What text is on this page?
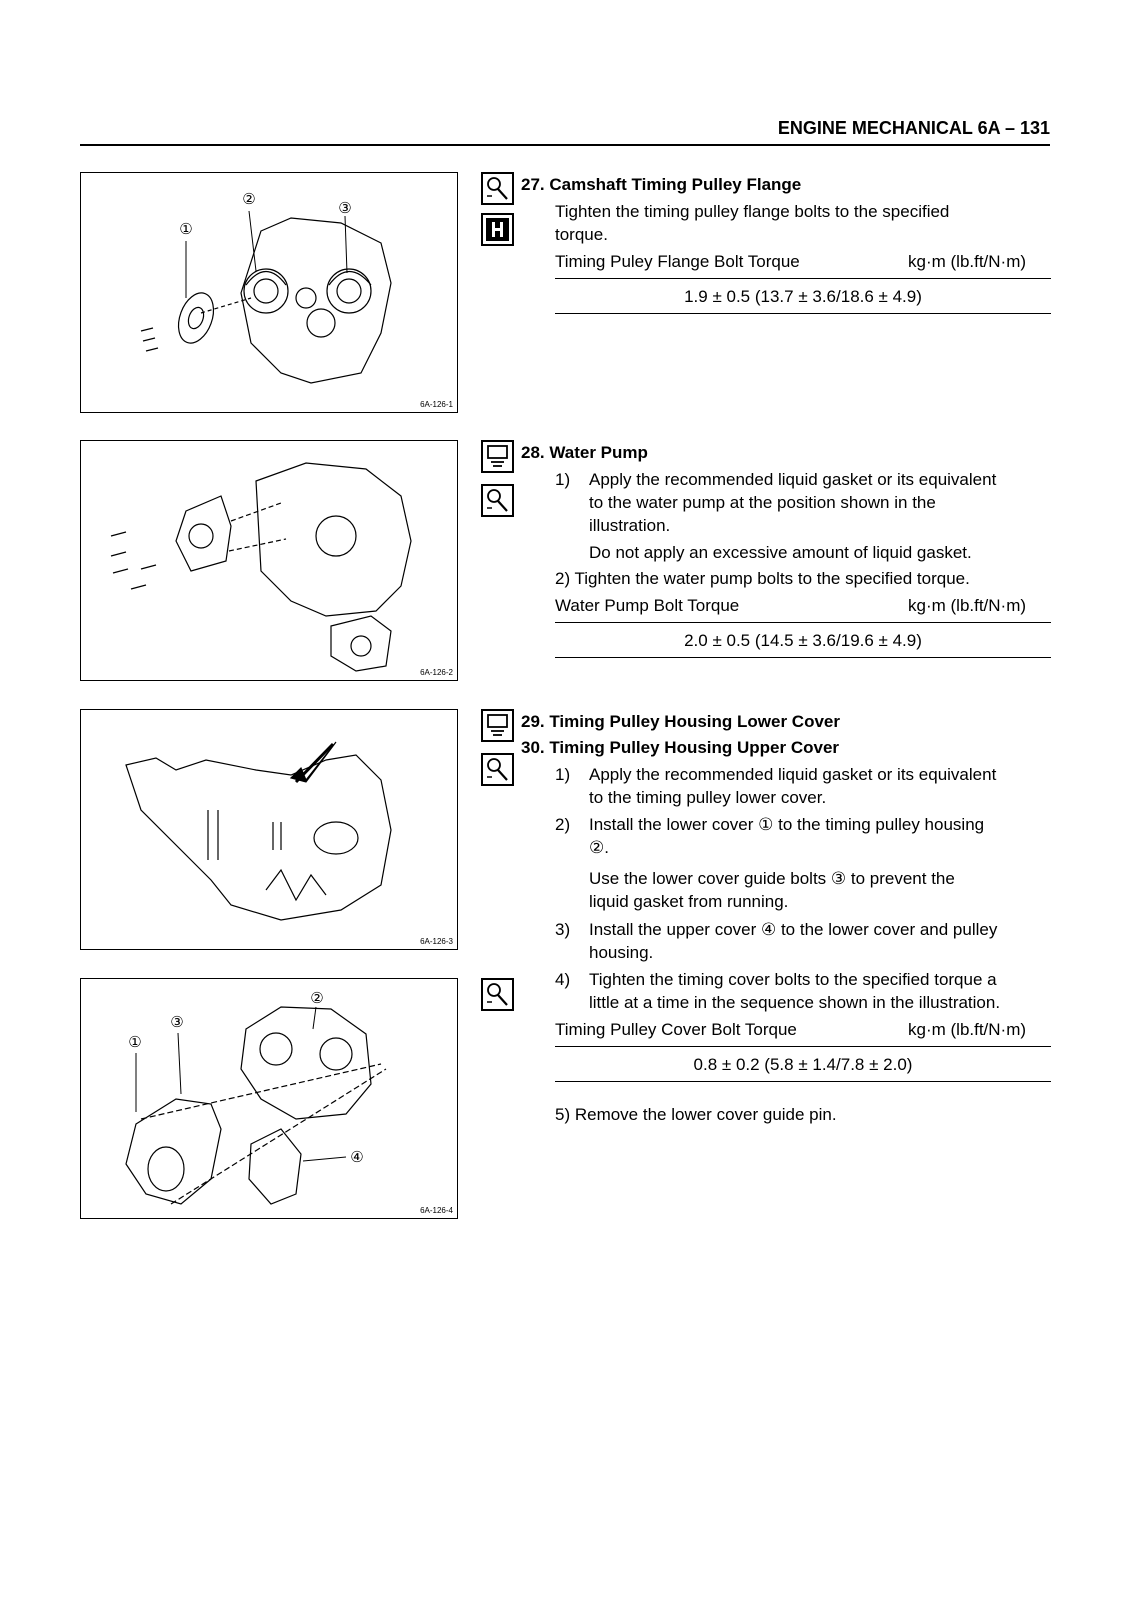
ENGINE MECHANICAL 6A – 131
①
②	③
6A-126-1
6A-126-2
6A-126-3
①
②
③
④
6A-126-4
27. Camshaft Timing Pulley Flange
Tighten the timing pulley flange bolts to the specified
torque.
Timing Puley Flange Bolt Torque	kg·m (lb.ft/N·m)
1.9 ± 0.5 (13.7 ± 3.6/18.6 ± 4.9)
28. Water Pump
1) Apply the recommended liquid gasket or its equivalent
to the water pump at the position shown in the
illustration.
Do not apply an excessive amount of liquid gasket.
2) Tighten the water pump bolts to the specified torque.
Water Pump Bolt Torque	kg·m (lb.ft/N·m)
2.0 ± 0.5 (14.5 ± 3.6/19.6 ± 4.9)
29. Timing Pulley Housing Lower Cover
30. Timing Pulley Housing Upper Cover
1) Apply the recommended liquid gasket or its equivalent
to the timing pulley lower cover.
2) Install the lower cover ① to the timing pulley housing
②.
Use the lower cover guide bolts ③ to prevent the
liquid gasket from running.
3) Install the upper cover ④ to the lower cover and pulley
housing.
4) Tighten the timing cover bolts to the specified torque a
little at a time in the sequence shown in the illustration.
Timing Pulley Cover Bolt Torque	kg·m (lb.ft/N·m)
0.8 ± 0.2 (5.8 ± 1.4/7.8 ± 2.0)
5) Remove the lower cover guide pin.
